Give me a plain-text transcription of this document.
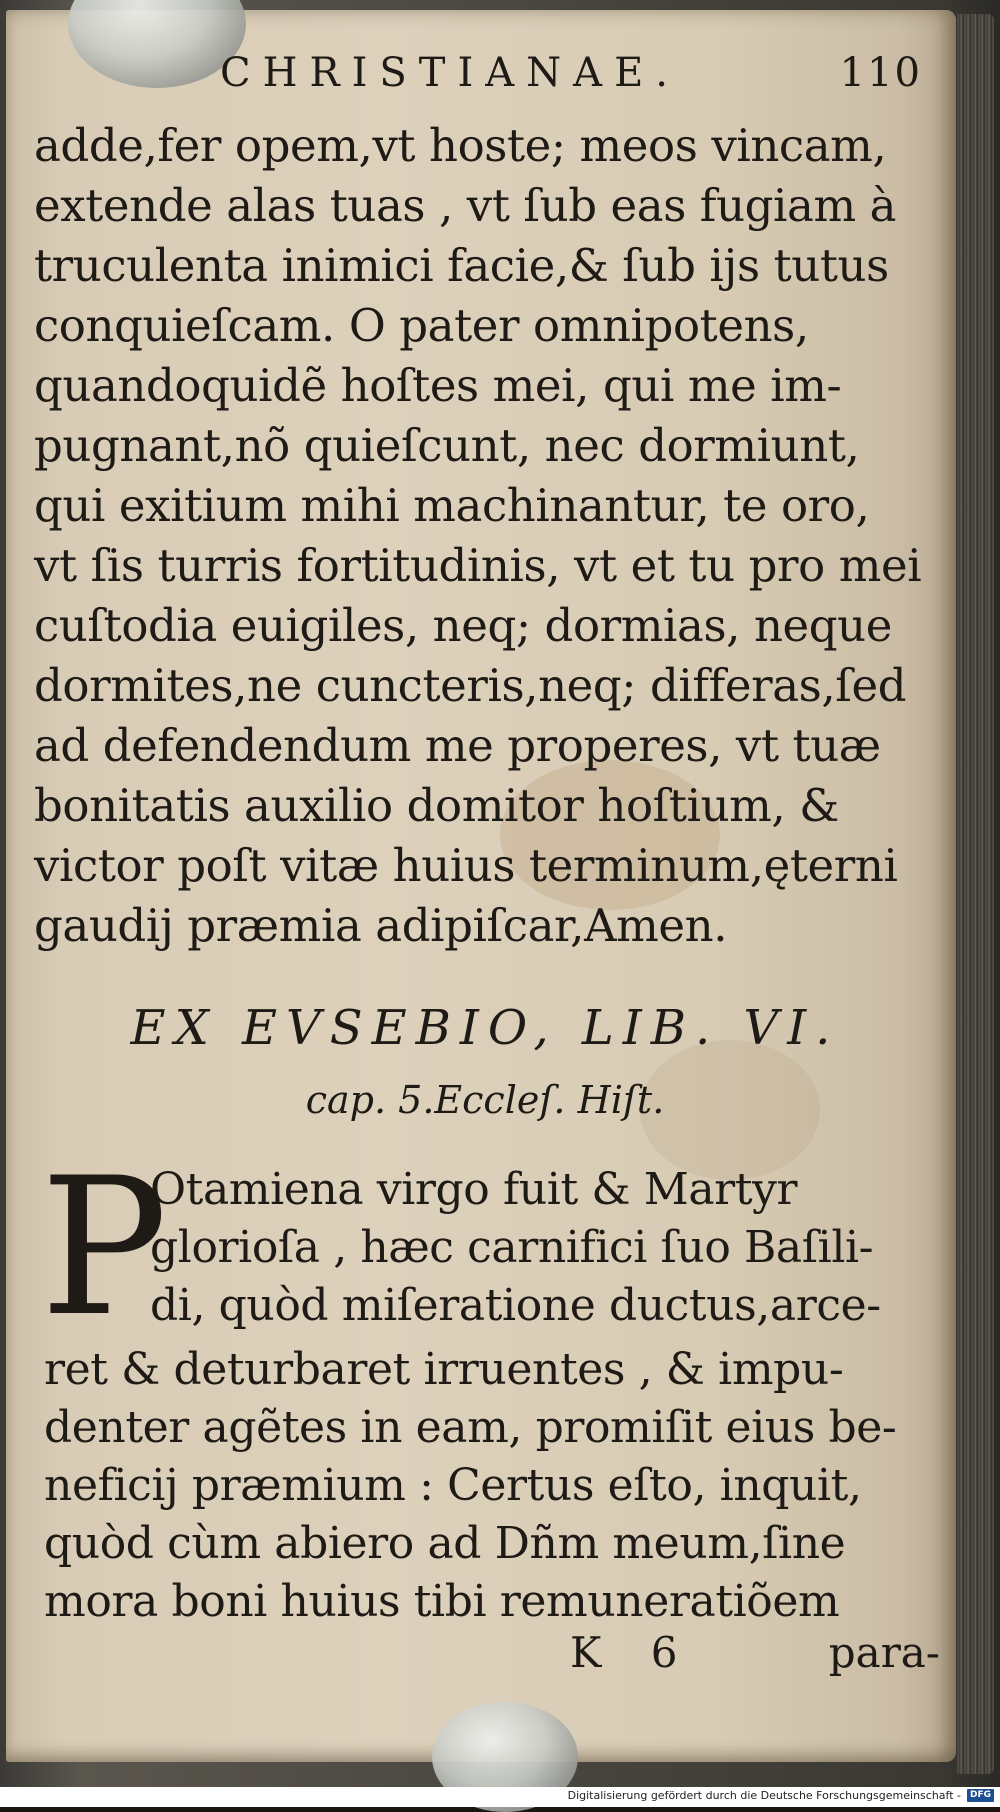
CHRISTIANAE.	110
adde,fer opem,vt hoste; meos vincam,
extende alas tuas , vt ſub eas fugiam à
truculenta inimici facie,& ſub ijs tutus
conquieſcam. O pater omnipotens,
quandoquidẽ hoſtes mei, qui me im-
pugnant,nõ quieſcunt, nec dormiunt,
qui exitium mihi machinantur, te oro,
vt ſis turris fortitudinis, vt et tu pro mei
cuſtodia euigiles, neq; dormias, neque
dormites,ne cuncteris,neq; differas,ſed
ad defendendum me properes, vt tuæ
bonitatis auxilio domitor hoſtium, &
victor poſt vitæ huius terminum,ęterni
gaudij præmia adipiſcar,Amen.
EX EVSEBIO, LIB. VI.
cap. 5.Eccleſ. Hiſt.
P
Otamiena virgo fuit & Martyr
glorioſa , hæc carnifici ſuo Baſili-
di, quòd miſeratione ductus,arce-
ret & deturbaret irruentes , & impu-
denter agẽtes in eam, promiſit eius be-
neficij præmium : Certus eſto, inquit,
quòd cùm abiero ad Dñm meum,ſine
mora boni huius tibi remuneratiõem
K 6	para-
Digitalisierung gefördert durch die Deutsche Forschungsgemeinschaft -	DFG
